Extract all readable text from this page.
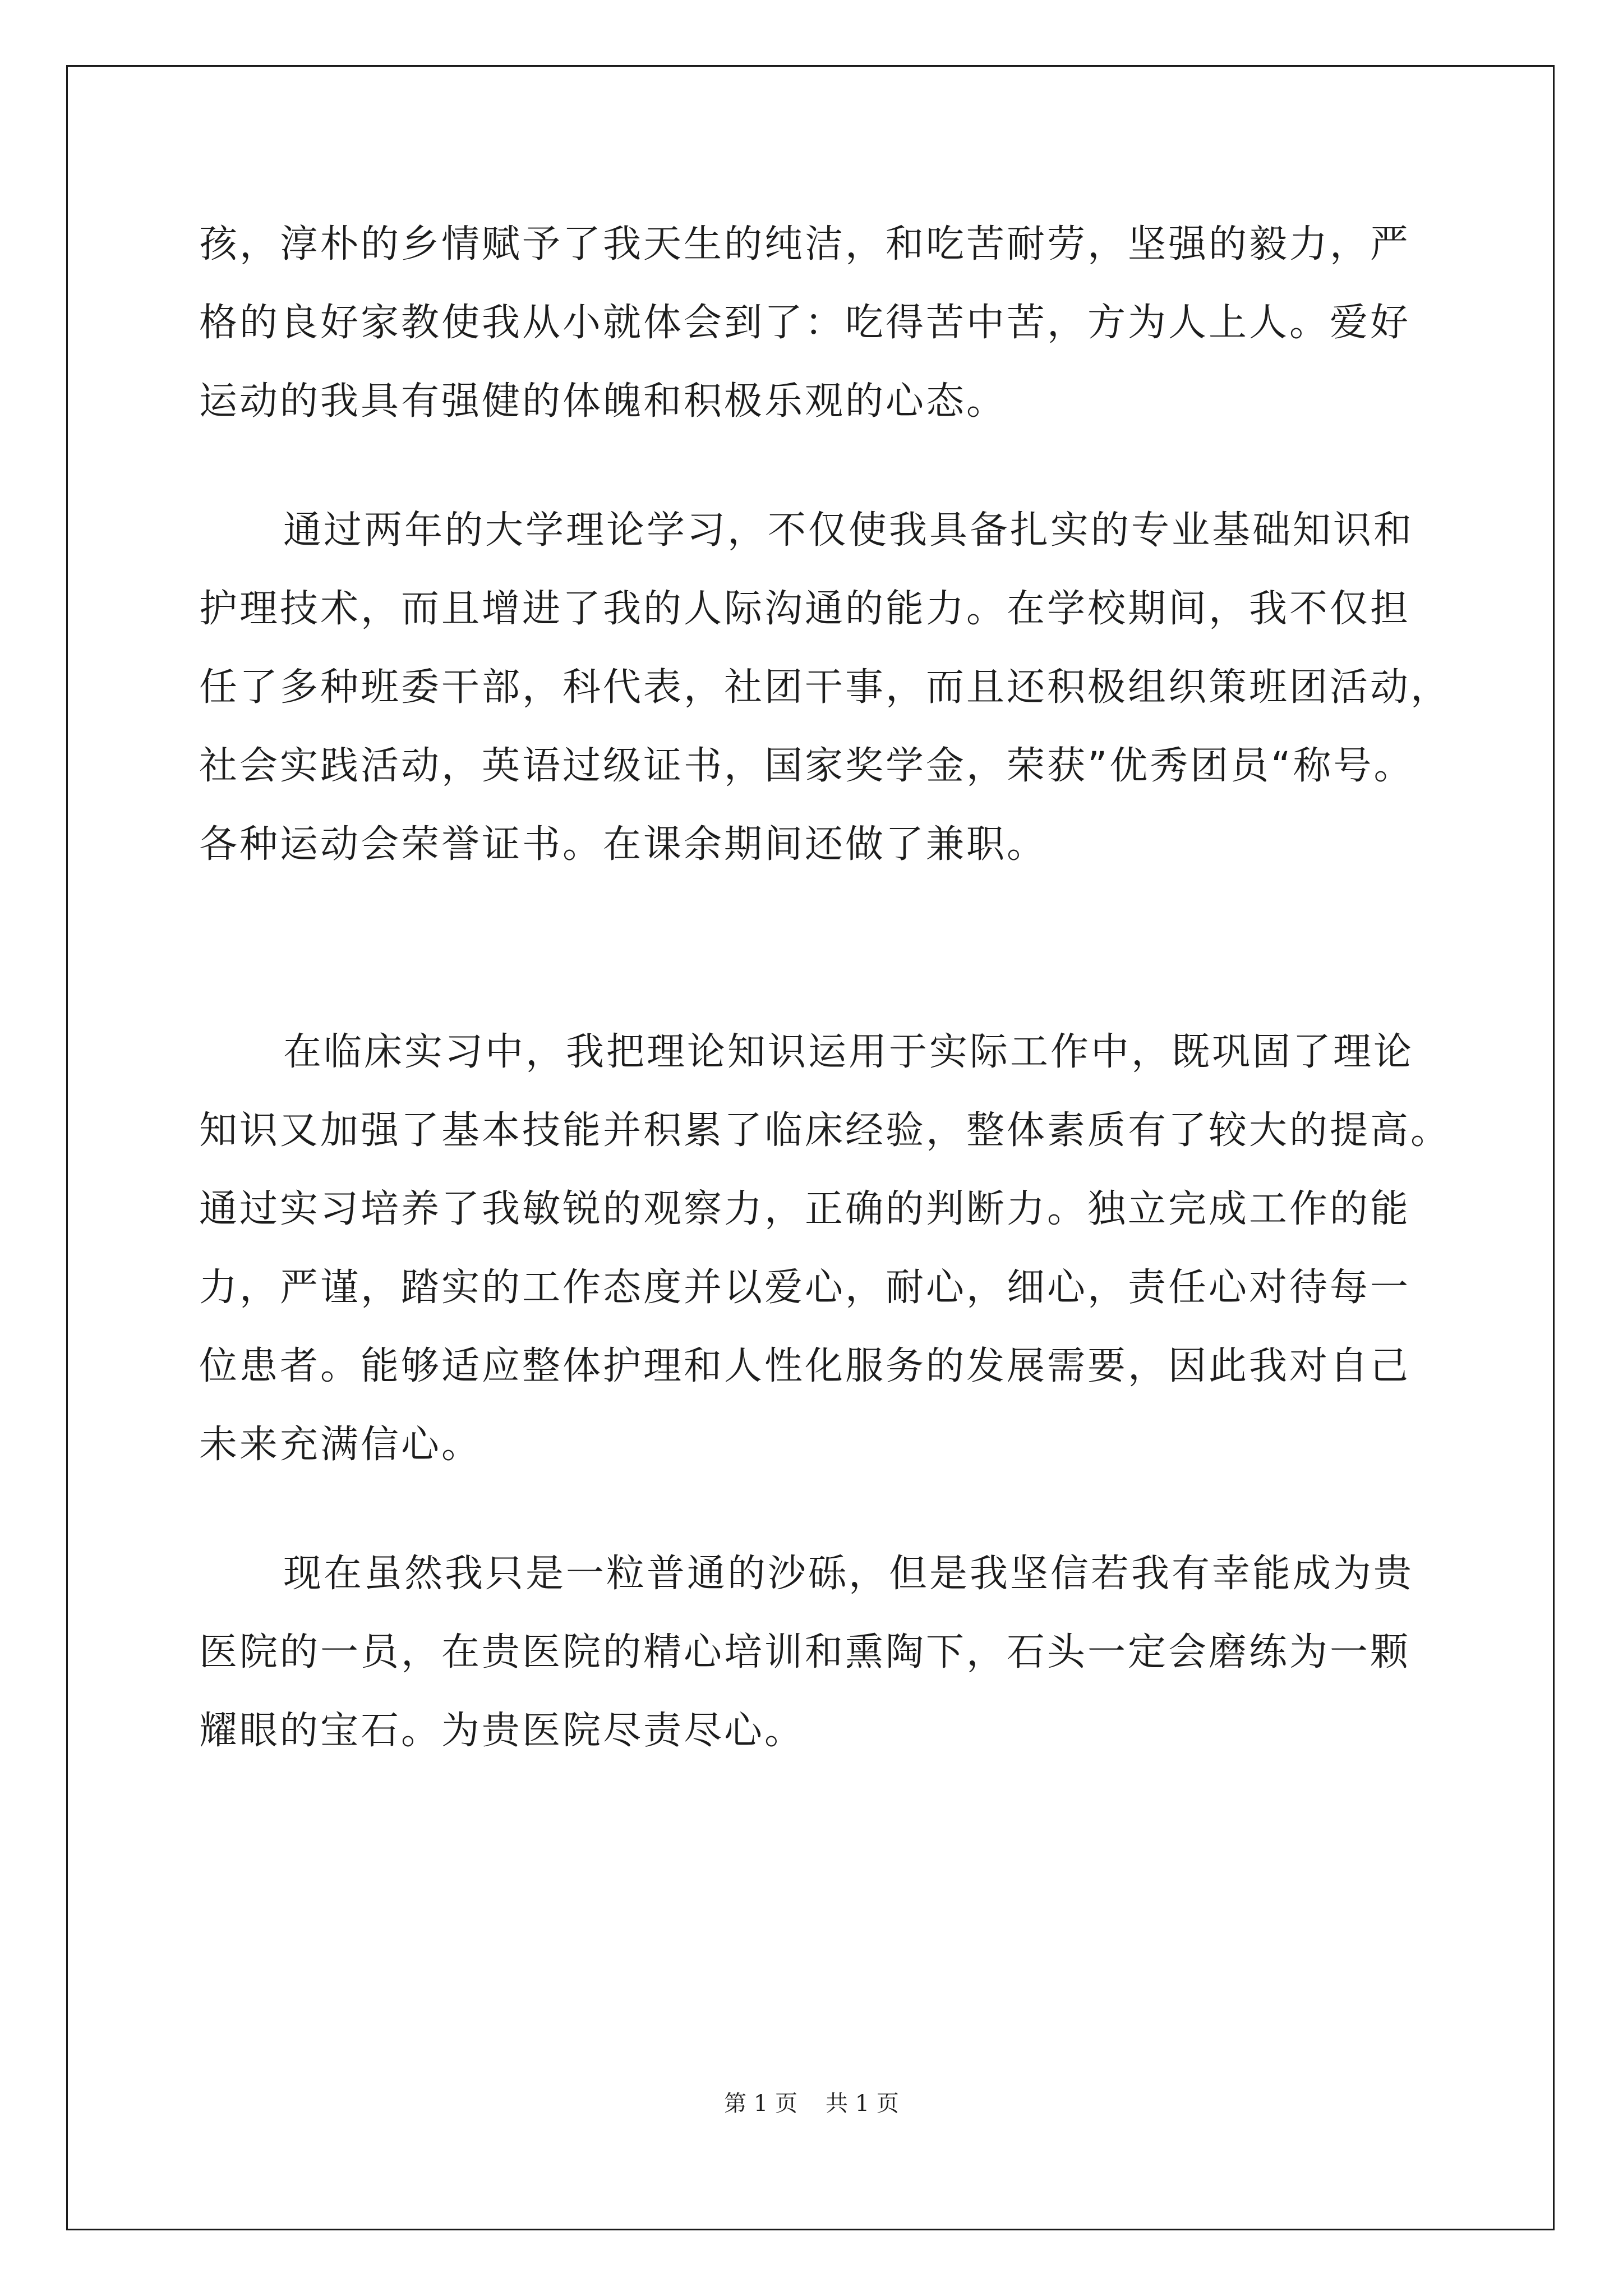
孩，淳朴的乡情赋予了我天生的纯洁，和吃苦耐劳，坚强的毅力，严
格的良好家教使我从小就体会到了：吃得苦中苦，方为人上人。爱好
运动的我具有强健的体魄和积极乐观的心态。
通过两年的大学理论学习，不仅使我具备扎实的专业基础知识和
护理技术，而且增进了我的人际沟通的能力。在学校期间，我不仅担
任了多种班委干部，科代表，社团干事，而且还积极组织策班团活动，
社会实践活动，英语过级证书，国家奖学金，荣获”优秀团员“称号。
各种运动会荣誉证书。在课余期间还做了兼职。
在临床实习中，我把理论知识运用于实际工作中，既巩固了理论
知识又加强了基本技能并积累了临床经验，整体素质有了较大的提高。
通过实习培养了我敏锐的观察力，正确的判断力。独立完成工作的能
力，严谨，踏实的工作态度并以爱心，耐心，细心，责任心对待每一
位患者。能够适应整体护理和人性化服务的发展需要，因此我对自己
未来充满信心。
现在虽然我只是一粒普通的沙砾，但是我坚信若我有幸能成为贵
医院的一员，在贵医院的精心培训和熏陶下，石头一定会磨练为一颗
耀眼的宝石。为贵医院尽责尽心。
第 1 页 共 1 页
